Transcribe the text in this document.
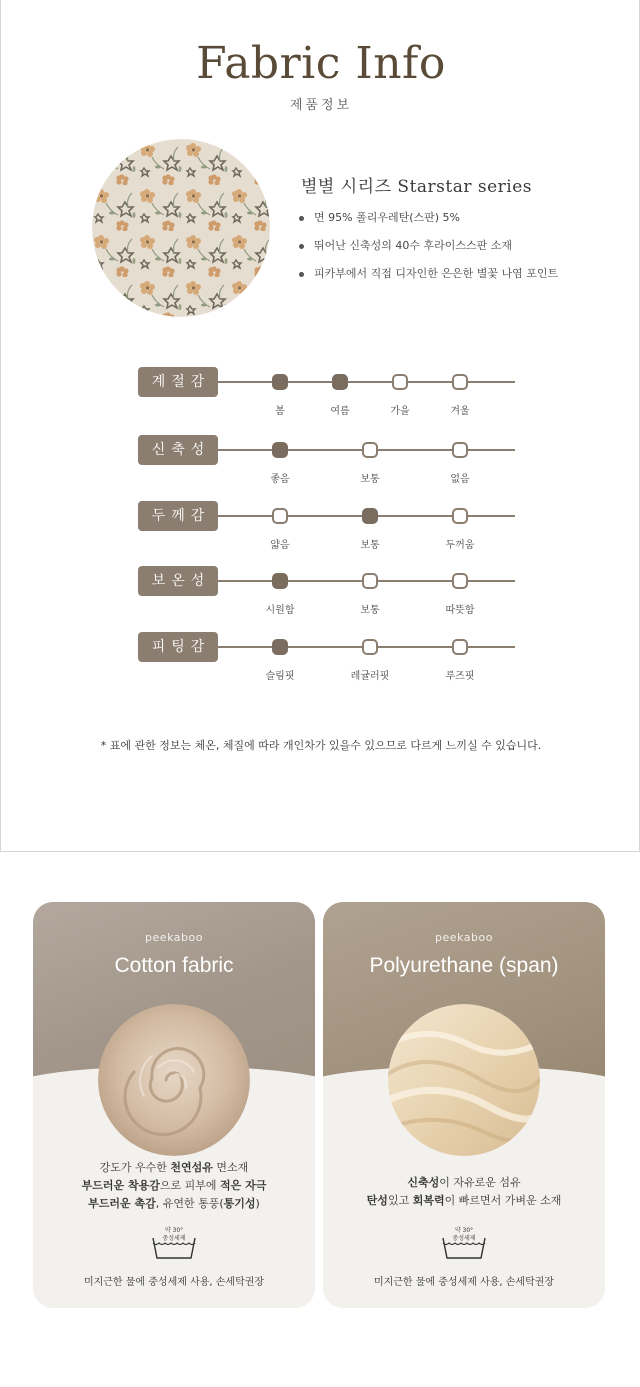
Fabric Info
제품정보
별별 시리즈 Starstar series
면 95% 폴리우레탄(스판) 5%
뛰어난 신축성의 40수 후라이스스판 소재
피카부에서 직접 디자인한 은은한 별꽃 나염 포인트
계절감
봄	여름	가을	겨울
신축성
좋음	보통	없음
두께감
얇음	보통	두꺼움
보온성
시원함	보통	따뜻함
피팅감
슬림핏	레귤러핏	루즈핏
* 표에 관한 정보는 체온, 체질에 따라 개인차가 있을수 있으므로 다르게 느끼실 수 있습니다.
peekaboo
Cotton fabric
강도가 우수한 천연섬유 면소재
부드러운 착용감으로 피부에 적은 자극
부드러운 촉감, 유연한 통풍(통기성)
약 30°
중성세제
미지근한 물에 중성세제 사용, 손세탁권장
peekaboo
Polyurethane (span)
신축성이 자유로운 섬유
탄성있고 회복력이 빠르면서 가벼운 소재
약 30°
중성세제
미지근한 물에 중성세제 사용, 손세탁권장
